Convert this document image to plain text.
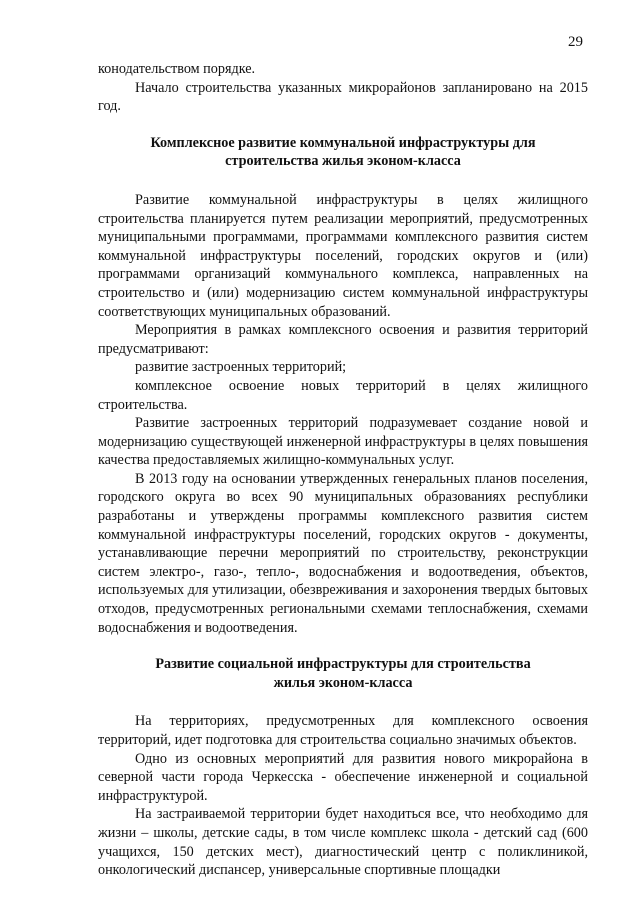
29

конодательством порядке.

Начало строительства указанных микрорайонов запланировано на 2015 год.

Комплексное развитие коммунальной инфраструктуры для
строительства жилья эконом-класса

Развитие коммунальной инфраструктуры в целях жилищного строительства планируется путем реализации мероприятий, предусмотренных муниципальными программами, программами комплексного развития систем коммунальной инфраструктуры поселений, городских округов и (или) программами организаций коммунального комплекса, направленных на строительство и (или) модернизацию систем коммунальной инфраструктуры соответствующих муниципальных образований.

Мероприятия в рамках комплексного освоения и развития территорий предусматривают:

развитие застроенных территорий;

комплексное освоение новых территорий в целях жилищного строительства.

Развитие застроенных территорий подразумевает создание новой и модернизацию существующей инженерной инфраструктуры в целях повышения качества предоставляемых жилищно-коммунальных услуг.

В 2013 году на основании утвержденных генеральных планов поселения, городского округа во всех 90 муниципальных образованиях республики разработаны и утверждены программы комплексного развития систем коммунальной инфраструктуры поселений, городских округов - документы, устанавливающие перечни мероприятий по строительству, реконструкции систем электро-, газо-, тепло-, водоснабжения и водоотведения, объектов, используемых для утилизации, обезвреживания и захоронения твердых бытовых отходов, предусмотренных региональными схемами теплоснабжения, схемами водоснабжения и водоотведения.

Развитие социальной инфраструктуры для строительства
жилья эконом-класса

На территориях, предусмотренных для комплексного освоения территорий, идет подготовка для строительства социально значимых объектов.

Одно из основных мероприятий для развития нового микрорайона в северной части города Черкесска - обеспечение инженерной и социальной инфраструктурой.

На застраиваемой территории будет находиться все, что необходимо для жизни – школы, детские сады, в том числе комплекс школа - детский сад (600 учащихся, 150 детских мест), диагностический центр с поликлиникой, онкологический диспансер, универсальные спортивные площадки
